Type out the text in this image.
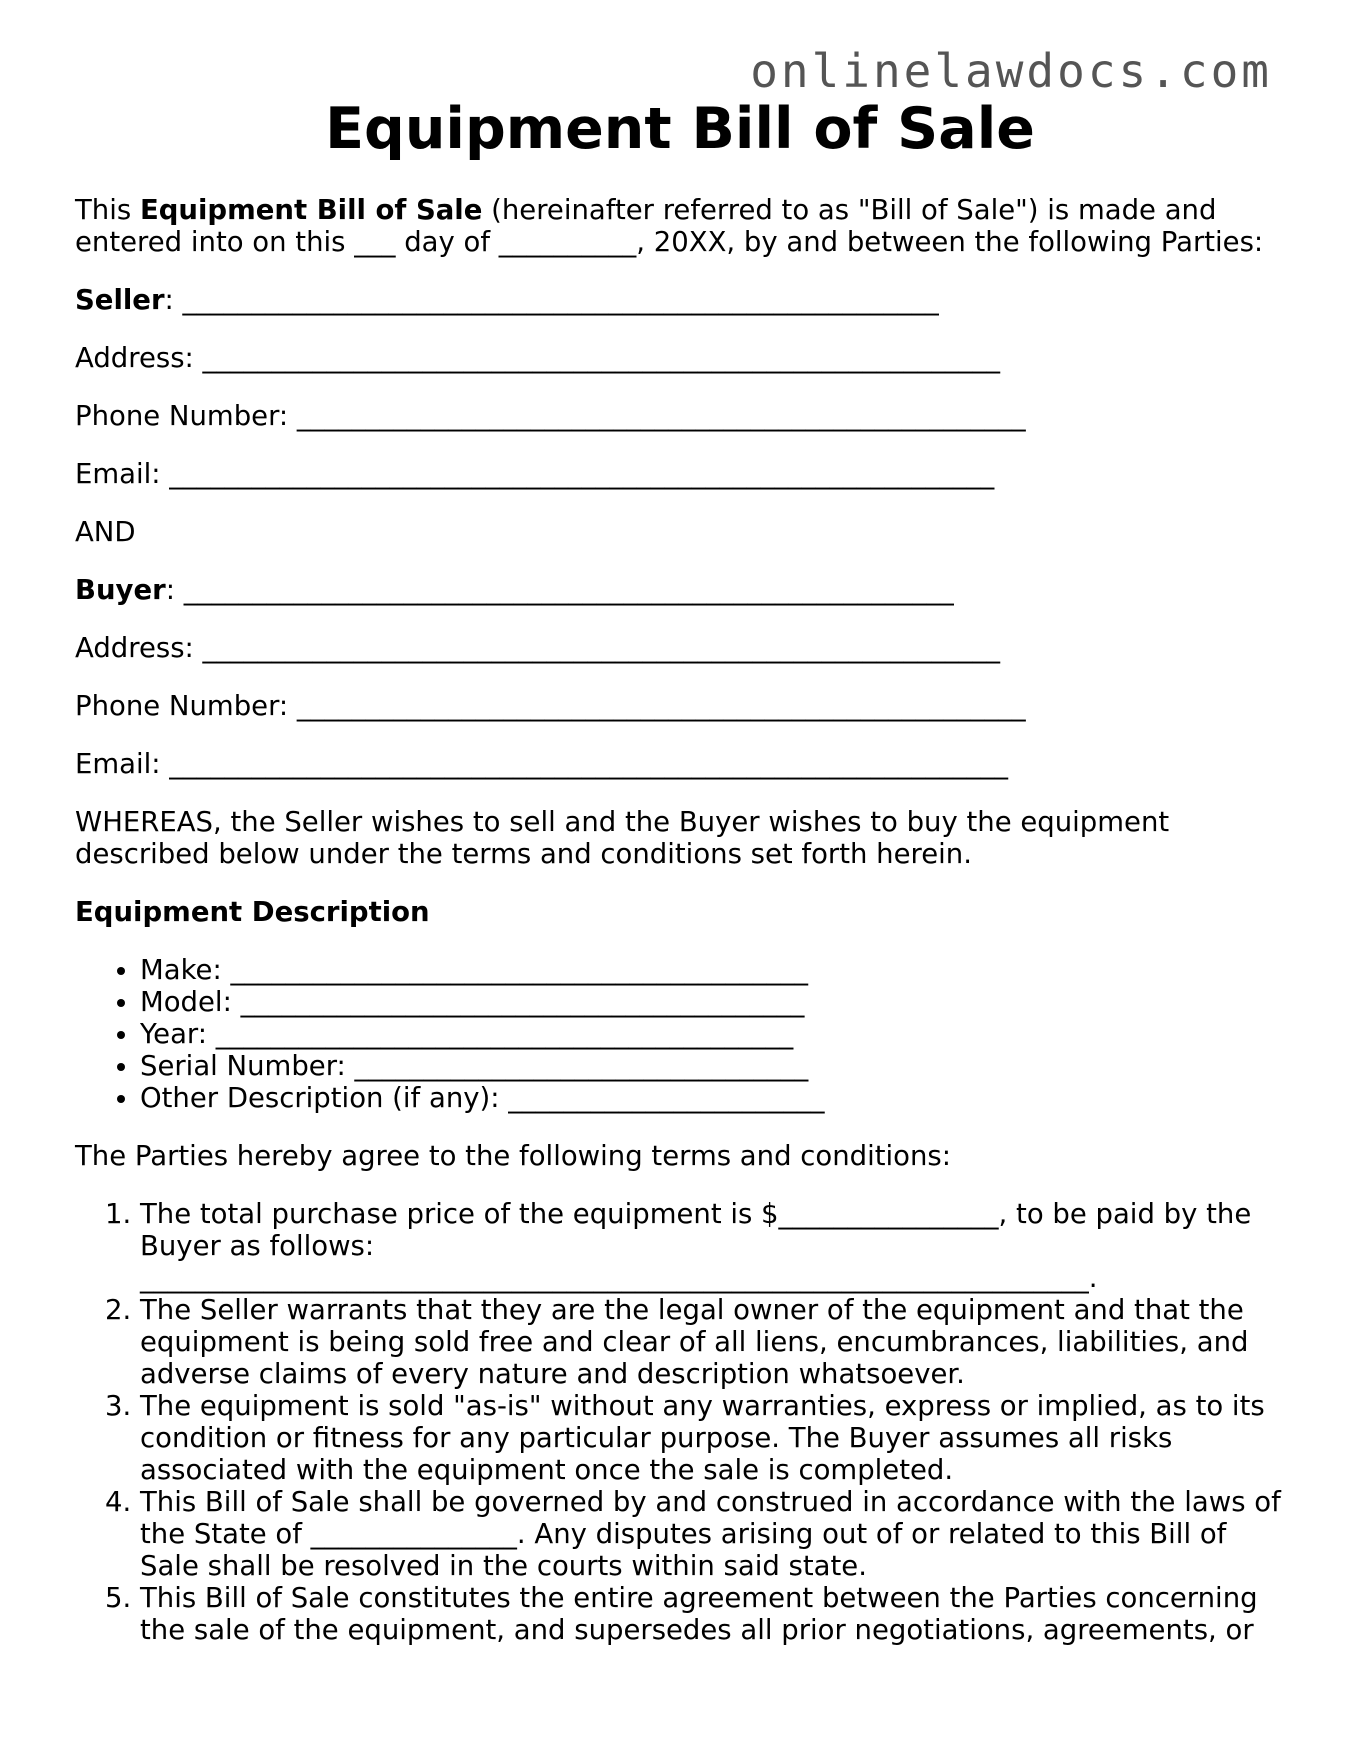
onlinelawdocs.com
Equipment Bill of Sale

This Equipment Bill of Sale (hereinafter referred to as "Bill of Sale") is made and entered into on this ___ day of __________, 20XX, by and between the following Parties:

Seller: _______________________________________________________

Address: __________________________________________________________

Phone Number: _____________________________________________________

Email: ____________________________________________________________

AND

Buyer: ________________________________________________________

Address: __________________________________________________________

Phone Number: _____________________________________________________

Email: _____________________________________________________________

WHEREAS, the Seller wishes to sell and the Buyer wishes to buy the equipment described below under the terms and conditions set forth herein.

Equipment Description

• Make: __________________________________________
• Model: _________________________________________
• Year: __________________________________________
• Serial Number: _________________________________
• Other Description (if any): _______________________

The Parties hereby agree to the following terms and conditions:

1. The total purchase price of the equipment is $________________, to be paid by the Buyer as follows: _____________________________________________________________________.
2. The Seller warrants that they are the legal owner of the equipment and that the equipment is being sold free and clear of all liens, encumbrances, liabilities, and adverse claims of every nature and description whatsoever.
3. The equipment is sold "as-is" without any warranties, express or implied, as to its condition or fitness for any particular purpose. The Buyer assumes all risks associated with the equipment once the sale is completed.
4. This Bill of Sale shall be governed by and construed in accordance with the laws of the State of _______________. Any disputes arising out of or related to this Bill of Sale shall be resolved in the courts within said state.
5. This Bill of Sale constitutes the entire agreement between the Parties concerning the sale of the equipment, and supersedes all prior negotiations, agreements, or
